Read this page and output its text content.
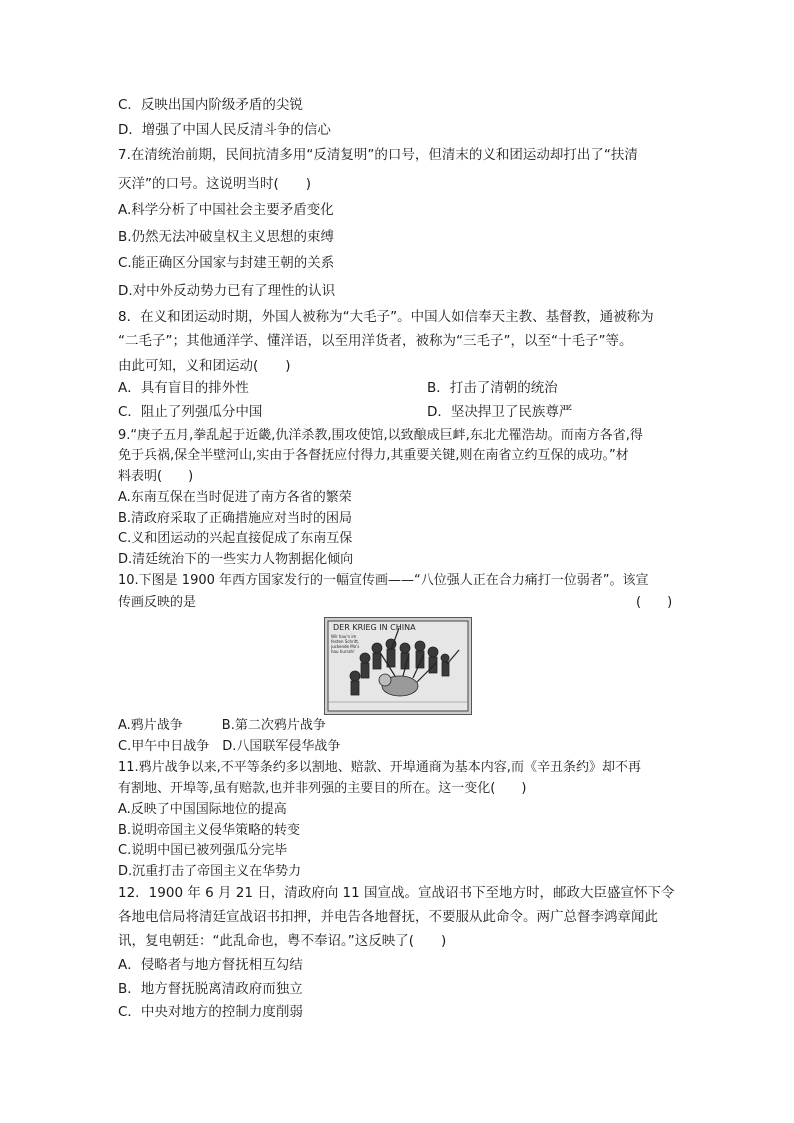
C．反映出国内阶级矛盾的尖锐
D．增强了中国人民反清斗争的信心
7.在清统治前期，民间抗清多用“反清复明”的口号，但清末的义和团运动却打出了“扶清
灭洋”的口号。这说明当时(　　)
A.科学分析了中国社会主要矛盾变化
B.仍然无法冲破皇权主义思想的束缚
C.能正确区分国家与封建王朝的关系
D.对中外反动势力已有了理性的认识
8．在义和团运动时期，外国人被称为“大毛子”。中国人如信奉天主教、基督教，通被称为
“二毛子”；其他通洋学、懂洋语，以至用洋货者，被称为“三毛子”，以至“十毛子”等。
由此可知，义和团运动(　　)
A．具有盲目的排外性	B．打击了清朝的统治
C．阻止了列强瓜分中国	D．坚决捍卫了民族尊严
9.“庚子五月,拳乱起于近畿,仇洋杀教,围攻使馆,以致酿成巨衅,东北尤罹浩劫。而南方各省,得
免于兵祸,保全半壁河山,实由于各督抚应付得力,其重要关键,则在南省立约互保的成功。”材
料表明(　　)
A.东南互保在当时促进了南方各省的繁荣
B.清政府采取了正确措施应对当时的困局
C.义和团运动的兴起直接促成了东南互保
D.清廷统治下的一些实力人物割据化倾向
10.下图是 1900 年西方国家发行的一幅宣传画——“八位强人正在合力痛打一位弱者”。该宣
传画反映的是	(　　)
DER KRIEG IN CHINA
Wir hau'n im festen Schritt, juckende Mo's hau hurrah!
A.鸦片战争　　　B.第二次鸦片战争
C.甲午中日战争　D.八国联军侵华战争
11.鸦片战争以来,不平等条约多以割地、赔款、开埠通商为基本内容,而《辛丑条约》却不再
有割地、开埠等,虽有赔款,也并非列强的主要目的所在。这一变化(　　)
A.反映了中国国际地位的提高
B.说明帝国主义侵华策略的转变
C.说明中国已被列强瓜分完毕
D.沉重打击了帝国主义在华势力
12．1900 年 6 月 21 日，清政府向 11 国宣战。宣战诏书下至地方时，邮政大臣盛宣怀下令
各地电信局将清廷宣战诏书扣押，并电告各地督抚，不要服从此命令。两广总督李鸿章闻此
讯，复电朝廷：“此乱命也，粤不奉诏。”这反映了(　　)
A．侵略者与地方督抚相互勾结
B．地方督抚脱离清政府而独立
C．中央对地方的控制力度削弱
